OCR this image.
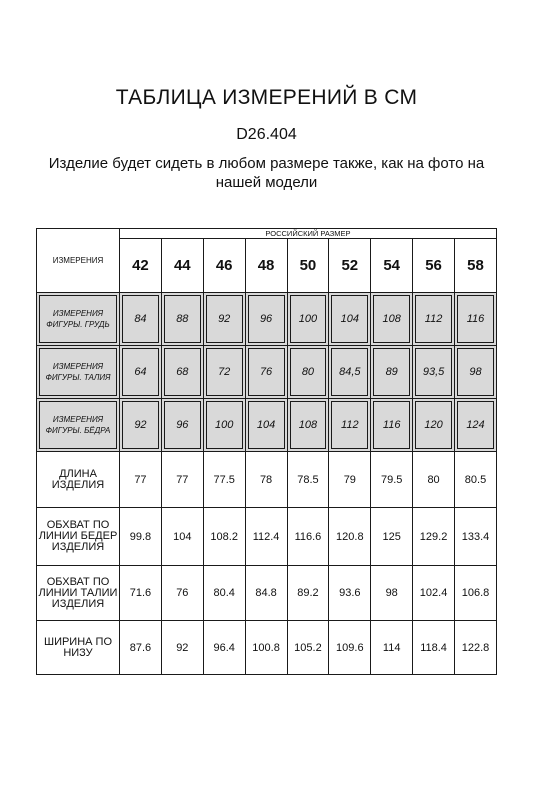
ТАБЛИЦА ИЗМЕРЕНИЙ В СМ
D26.404
Изделие будет сидеть в любом размере также, как на фото на нашей модели
ИЗМЕРЕНИЯ	РОССИЙСКИЙ РАЗМЕР								
	42	44	46	48	50	52	54	56	58

ИЗМЕРЕНИЯ ФИГУРЫ. ГРУДЬ	84	88	92	96	100	104	108	112	116

ИЗМЕРЕНИЯ ФИГУРЫ. ТАЛИЯ	64	68	72	76	80	84,5	89	93,5	98

ИЗМЕРЕНИЯ ФИГУРЫ. БЁДРА	92	96	100	104	108	112	116	120	124

ДЛИНА ИЗДЕЛИЯ	77	77	77.5	78	78.5	79	79.5	80	80.5
ОБХВАТ ПО ЛИНИИ БЕДЕР ИЗДЕЛИЯ	99.8	104	108.2	112.4	116.6	120.8	125	129.2	133.4
ОБХВАТ ПО ЛИНИИ ТАЛИИ ИЗДЕЛИЯ	71.6	76	80.4	84.8	89.2	93.6	98	102.4	106.8
ШИРИНА ПО НИЗУ	87.6	92	96.4	100.8	105.2	109.6	114	118.4	122.8
